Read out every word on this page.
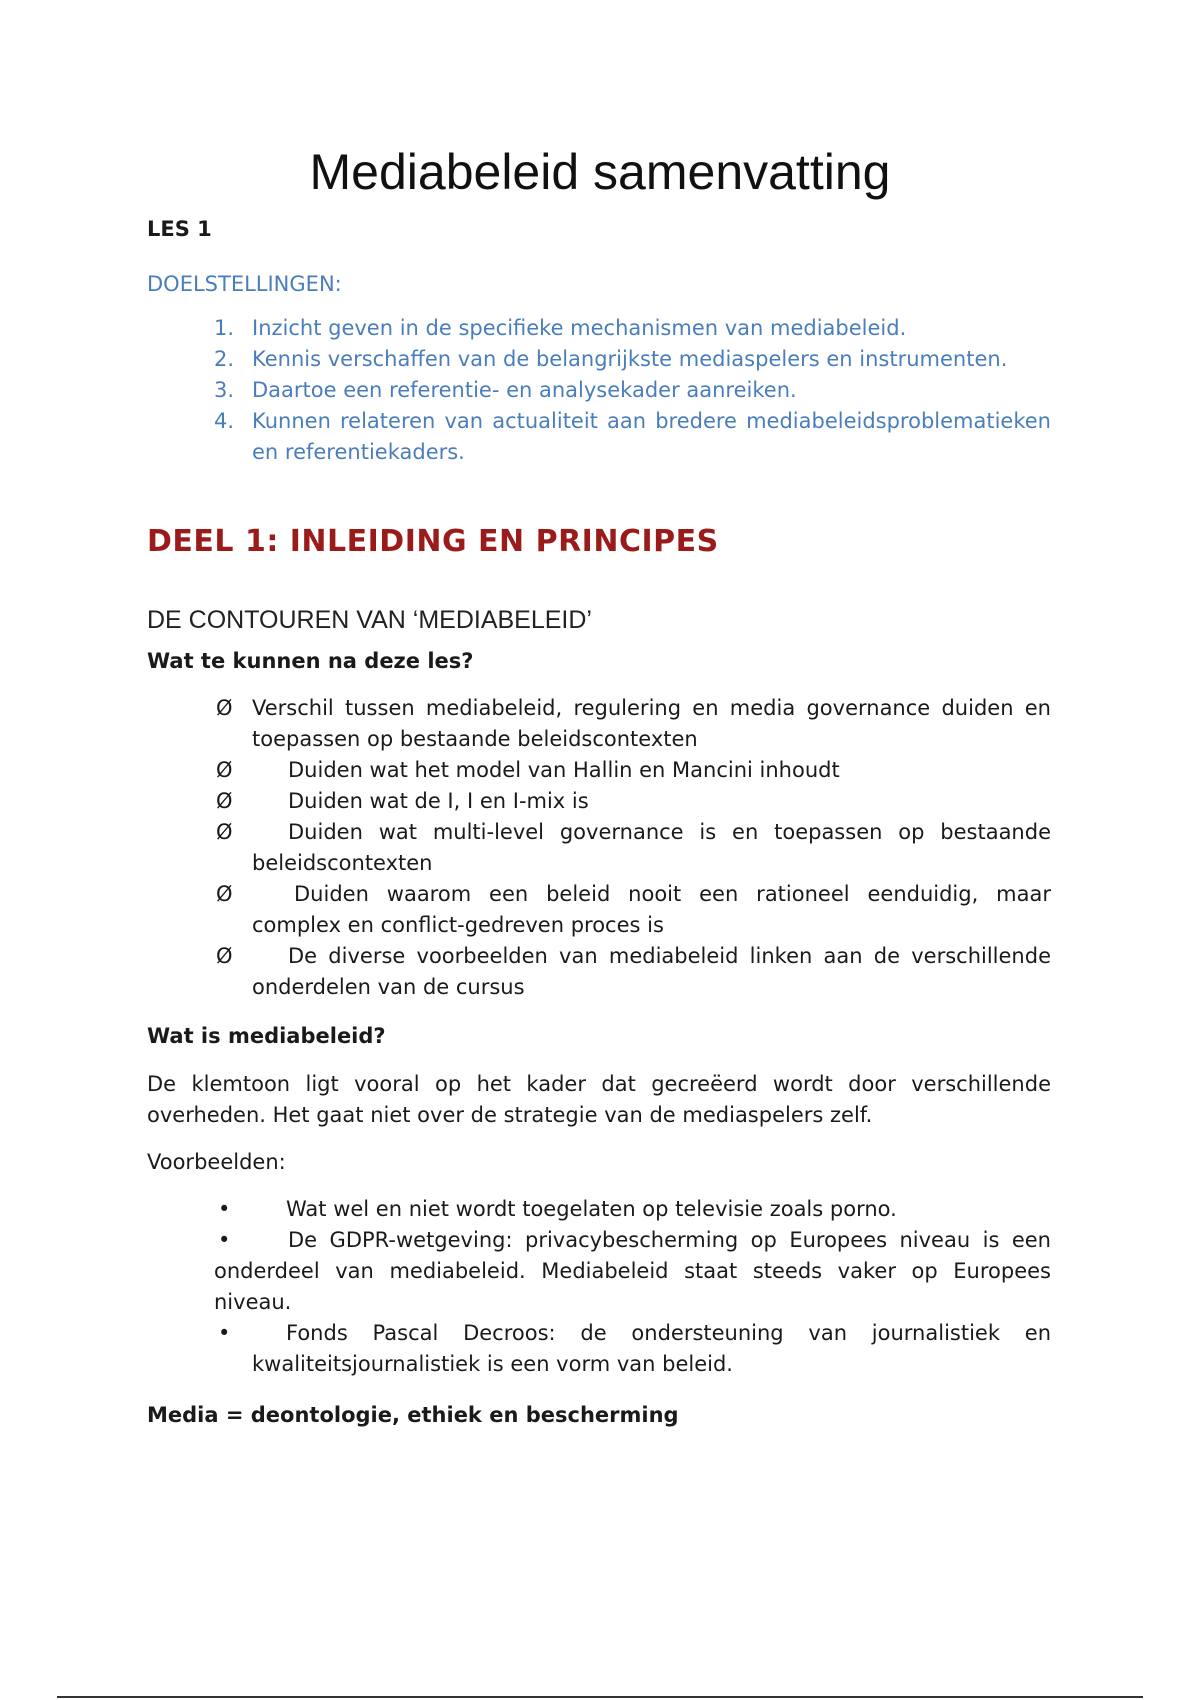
Mediabeleid samenvatting
LES 1
DOELSTELLINGEN:
1. Inzicht geven in de specifieke mechanismen van mediabeleid.
2. Kennis verschaffen van de belangrijkste mediaspelers en instrumenten.
3. Daartoe een referentie- en analysekader aanreiken.
4. Kunnen relateren van actualiteit aan bredere mediabeleidsproblematieken en referentiekaders.
DEEL 1: INLEIDING EN PRINCIPES
DE CONTOUREN VAN ‘MEDIABELEID’
Wat te kunnen na deze les?
Ø Verschil tussen mediabeleid, regulering en media governance duiden en toepassen op bestaande beleidscontexten
Ø	Duiden wat het model van Hallin en Mancini inhoudt
Ø	Duiden wat de I, I en I-mix is
Ø	Duiden wat multi-level governance is en toepassen op bestaande beleidscontexten
Ø	Duiden waarom een beleid nooit een rationeel eenduidig, maar complex en conflict-gedreven proces is
Ø	De diverse voorbeelden van mediabeleid linken aan de verschillende onderdelen van de cursus
Wat is mediabeleid?
De klemtoon ligt vooral op het kader dat gecreëerd wordt door verschillende overheden. Het gaat niet over de strategie van de mediaspelers zelf.
Voorbeelden:
•	Wat wel en niet wordt toegelaten op televisie zoals porno.
•	De GDPR-wetgeving: privacybescherming op Europees niveau is een onderdeel van mediabeleid. Mediabeleid staat steeds vaker op Europees niveau.
•	Fonds Pascal Decroos: de ondersteuning van journalistiek en kwaliteitsjournalistiek is een vorm van beleid.
Media = deontologie, ethiek en bescherming
